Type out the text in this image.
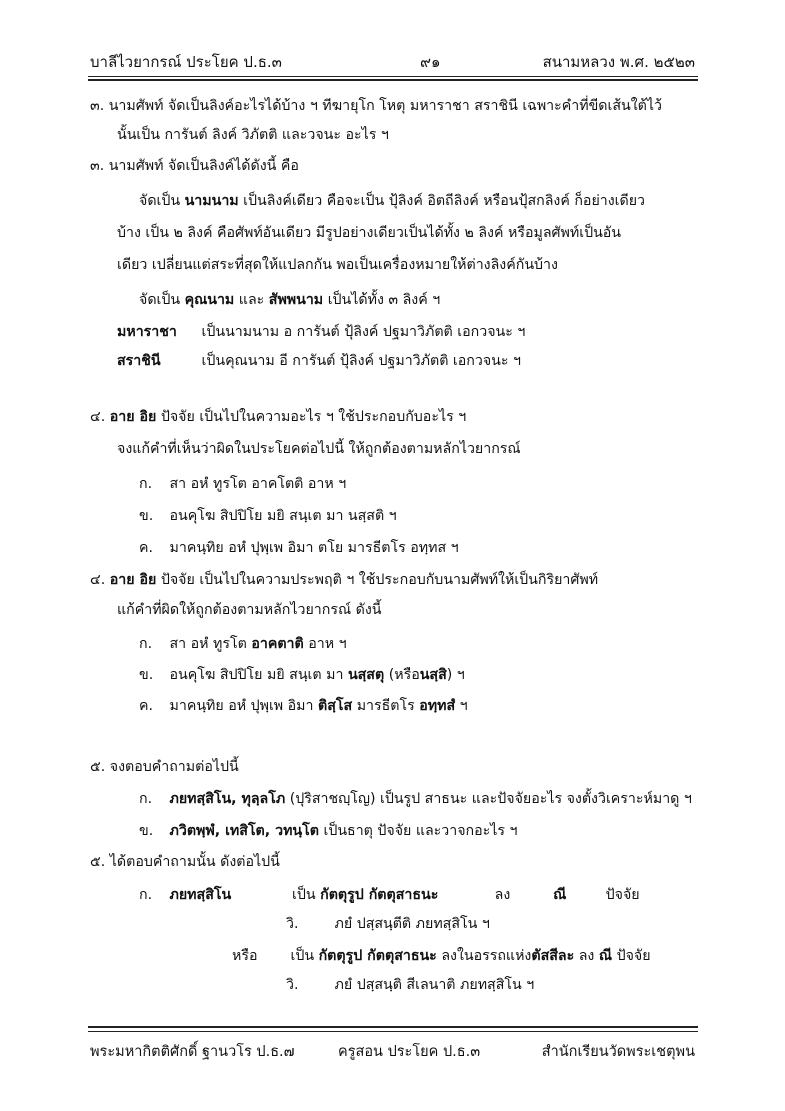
บาลีไวยากรณ์ ประโยค ป.ธ.๓	๙๑	สนามหลวง พ.ศ. ๒๕๒๓
๓. นามศัพท์ จัดเป็นลิงค์อะไรได้บ้าง ฯ ทีฆายุโก โหตุ มหาราชา สราชินี เฉพาะคำที่ขีดเส้นใต้ไว้
นั้นเป็น การันต์ ลิงค์ วิภัตติ และวจนะ อะไร ฯ
๓. นามศัพท์ จัดเป็นลิงค์ได้ดังนี้ คือ
จัดเป็น นามนาม เป็นลิงค์เดียว คือจะเป็น ปุ้ลิงค์ อิตถีลิงค์ หรือนปุ้สกลิงค์ ก็อย่างเดียว
บ้าง เป็น ๒ ลิงค์ คือศัพท์อันเดียว มีรูปอย่างเดียวเป็นได้ทั้ง ๒ ลิงค์ หรือมูลศัพท์เป็นอัน
เดียว เปลี่ยนแต่สระที่สุดให้แปลกกัน พอเป็นเครื่องหมายให้ต่างลิงค์กันบ้าง
จัดเป็น คุณนาม และ สัพพนาม เป็นได้ทั้ง ๓ ลิงค์ ฯ
มหาราชา เป็นนามนาม อ การันต์ ปุ้ลิงค์ ปฐมาวิภัตติ เอกวจนะ ฯ
สราชินี	เป็นคุณนาม อี การันต์ ปุ้ลิงค์ ปฐมาวิภัตติ เอกวจนะ ฯ
๔. อาย อิย ปัจจัย เป็นไปในความอะไร ฯ ใช้ประกอบกับอะไร ฯ
จงแก้คำที่เห็นว่าผิดในประโยคต่อไปนี้ ให้ถูกต้องตามหลักไวยากรณ์
ก. สา อหํ ทูรโต อาคโตติ อาห ฯ
ข. อนคุโฆ สิปปิโย มยิ สนฺเต มา นสฺสติ ฯ
ค. มาคนฺทิย อหํ ปุพฺเพ อิมา ตโย มารธีตโร อทฺทส ฯ
๔. อาย อิย ปัจจัย เป็นไปในความประพฤติ ฯ ใช้ประกอบกับนามศัพท์ให้เป็นกิริยาศัพท์
แก้คำที่ผิดให้ถูกต้องตามหลักไวยากรณ์ ดังนี้
ก. สา อหํ ทูรโต อาคตาติ อาห ฯ
ข. อนคุโฆ สิปปิโย มยิ สนฺเต มา นสฺสตุ (หรือนสฺสิ) ฯ
ค. มาคนฺทิย อหํ ปุพฺเพ อิมา ติสฺโส มารธีตโร อทฺทสํ ฯ
๕. จงตอบคำถามต่อไปนี้
ก. ภยทสฺสิโน, ทุลฺลโภ (ปุริสาชญฺโญ) เป็นรูป สาธนะ และปัจจัยอะไร จงตั้งวิเคราะห์มาดู ฯ
ข. ภวิตพฺพํ, เทสิโต, วทนฺโต เป็นธาตุ ปัจจัย และวาจกอะไร ฯ
๕. ได้ตอบคำถามนั้น ดังต่อไปนี้
ก. ภยทสฺสิโน	เป็น กัตตุรูป กัตตุสาธนะ	ลง	ณี	ปัจจัย
วิ.	ภยํ ปสฺสนฺตีติ ภยทสฺสิโน ฯ
หรือ เป็น กัตตุรูป กัตตุสาธนะ ลงในอรรถแห่งตัสสีละ ลง ณี ปัจจัย
วิ.	ภยํ ปสฺสนฺติ สีเลนาติ ภยทสฺสิโน ฯ
พระมหากิตติศักดิ์ ฐานวโร ป.ธ.๗	ครูสอน ประโยค ป.ธ.๓	สำนักเรียนวัดพระเชตุพน
